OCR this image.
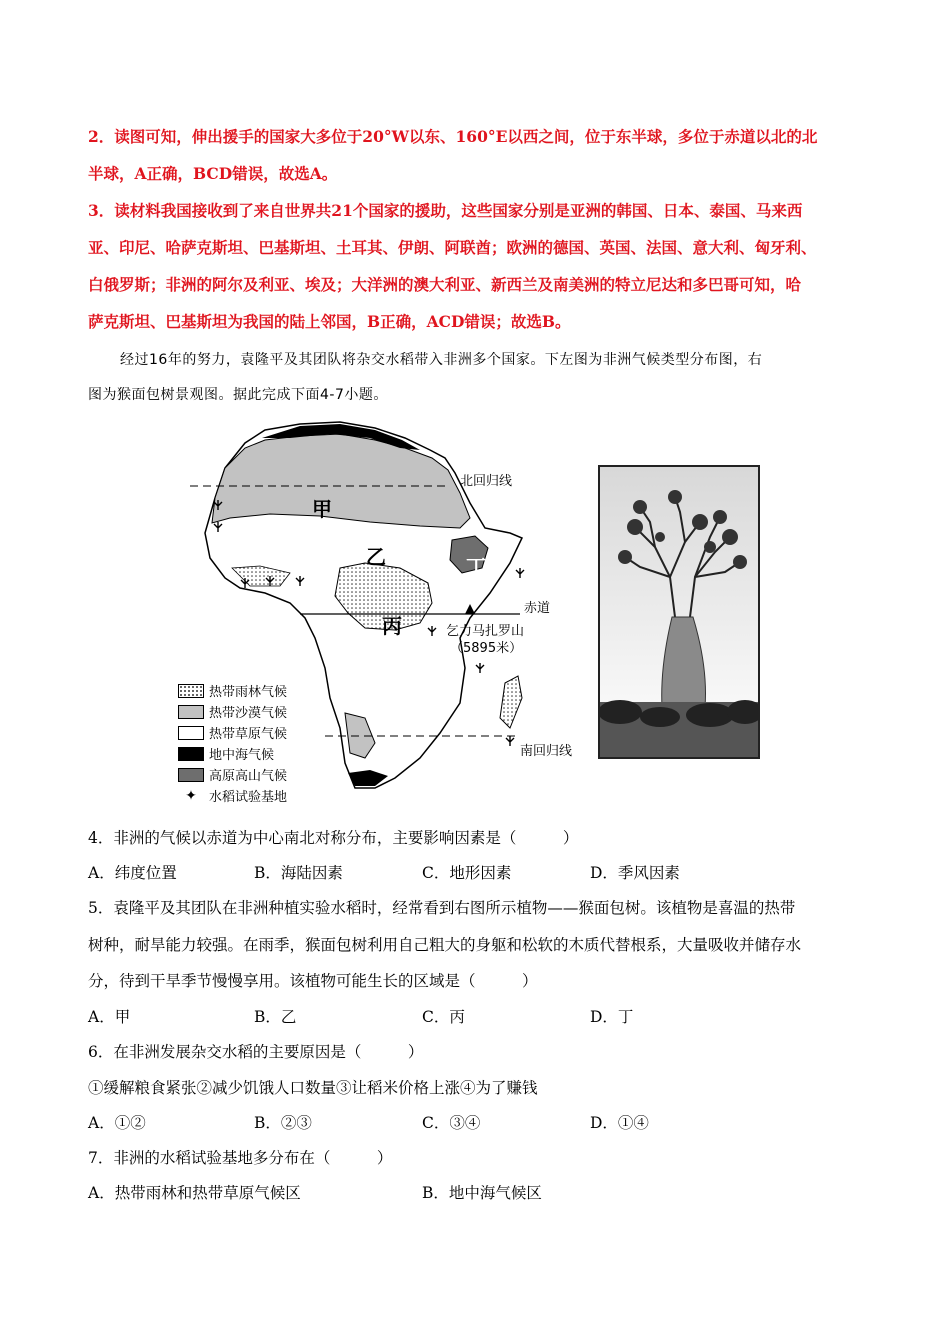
2．读图可知，伸出援手的国家大多位于20°W以东、160°E以西之间，位于东半球，多位于赤道以北的北
半球，A正确，BCD错误，故选A。
3．读材料我国接收到了来自世界共21个国家的援助，这些国家分别是亚洲的韩国、日本、泰国、马来西
亚、印尼、哈萨克斯坦、巴基斯坦、土耳其、伊朗、阿联酋；欧洲的德国、英国、法国、意大利、匈牙利、
白俄罗斯；非洲的阿尔及利亚、埃及；大洋洲的澳大利亚、新西兰及南美洲的特立尼达和多巴哥可知，哈
萨克斯坦、巴基斯坦为我国的陆上邻国，B正确，ACD错误；故选B。
经过16年的努力，袁隆平及其团队将杂交水稻带入非洲多个国家。下左图为非洲气候类型分布图，右
图为猴面包树景观图。据此完成下面4-7小题。
甲
乙
丙
丁
北回归线
赤道
乞力马扎罗山
（5895米）
南回归线
热带雨林气候
热带沙漠气候
热带草原气候
地中海气候
高原高山气候
✦ 水稻试验基地
4．非洲的气候以赤道为中心南北对称分布，主要影响因素是（　　　）
A．纬度位置	B．海陆因素	C．地形因素	D．季风因素
5．袁隆平及其团队在非洲种植实验水稻时，经常看到右图所示植物——猴面包树。该植物是喜温的热带
树种，耐旱能力较强。在雨季，猴面包树利用自己粗大的身躯和松软的木质代替根系，大量吸收并储存水
分，待到干旱季节慢慢享用。该植物可能生长的区域是（　　　）
A．甲	B．乙	C．丙	D．丁
6．在非洲发展杂交水稻的主要原因是（　　　）
①缓解粮食紧张②减少饥饿人口数量③让稻米价格上涨④为了赚钱
A．①②	B．②③	C．③④	D．①④
7．非洲的水稻试验基地多分布在（　　　）
A．热带雨林和热带草原气候区	B．地中海气候区
